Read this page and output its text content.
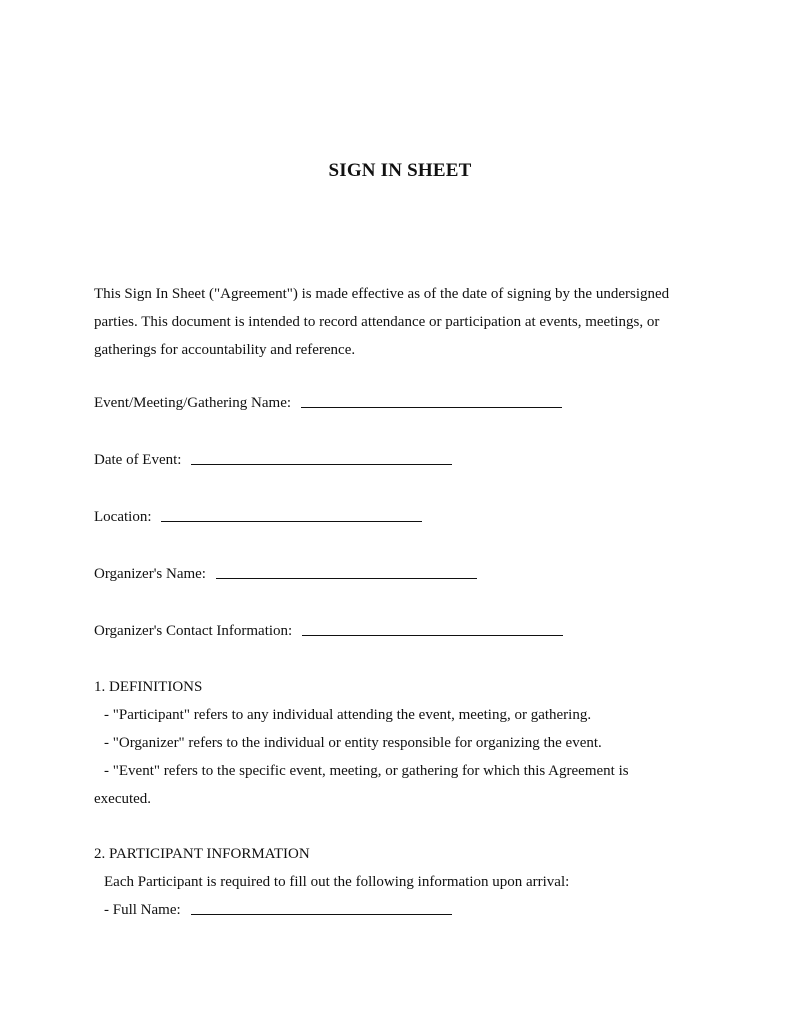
SIGN IN SHEET
This Sign In Sheet ("Agreement") is made effective as of the date of signing by the undersigned
parties. This document is intended to record attendance or participation at events, meetings, or
gatherings for accountability and reference.
Event/Meeting/Gathering Name:
Date of Event:
Location:
Organizer's Name:
Organizer's Contact Information:
1. DEFINITIONS
- "Participant" refers to any individual attending the event, meeting, or gathering.
- "Organizer" refers to the individual or entity responsible for organizing the event.
- "Event" refers to the specific event, meeting, or gathering for which this Agreement is
executed.
2. PARTICIPANT INFORMATION
Each Participant is required to fill out the following information upon arrival:
- Full Name:
